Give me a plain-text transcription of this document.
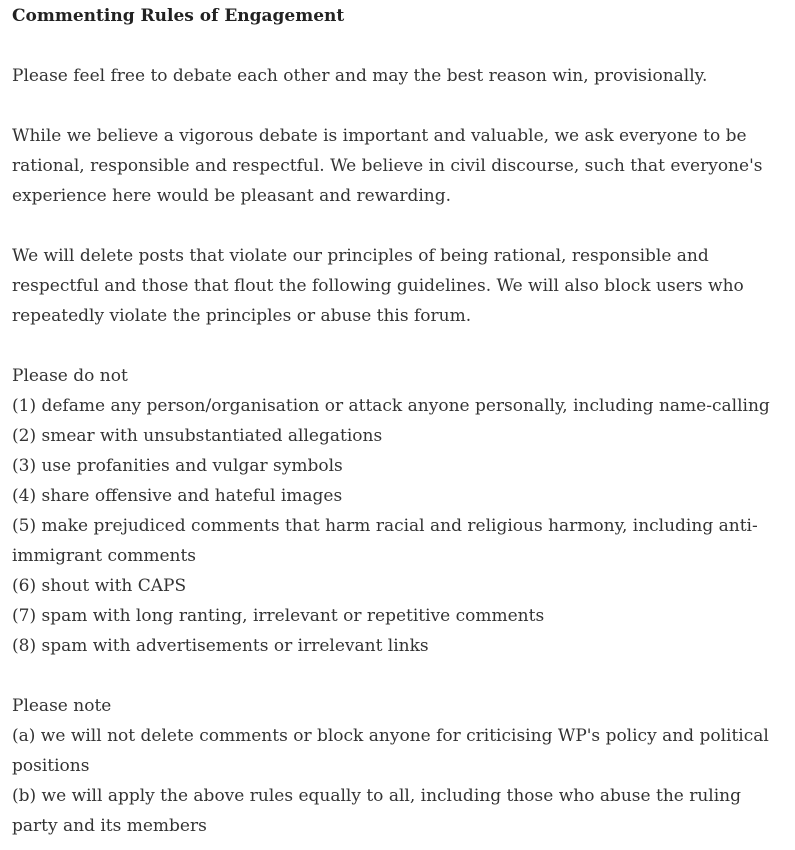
Commenting Rules of Engagement

Please feel free to debate each other and may the best reason win, provisionally.

While we believe a vigorous debate is important and valuable, we ask everyone to be rational, responsible and respectful. We believe in civil discourse, such that everyone's experience here would be pleasant and rewarding.

We will delete posts that violate our principles of being rational, responsible and respectful and those that flout the following guidelines. We will also block users who repeatedly violate the principles or abuse this forum.

Please do not
(1) defame any person/organisation or attack anyone personally, including name-calling
(2) smear with unsubstantiated allegations
(3) use profanities and vulgar symbols
(4) share offensive and hateful images
(5) make prejudiced comments that harm racial and religious harmony, including anti-immigrant comments
(6) shout with CAPS
(7) spam with long ranting, irrelevant or repetitive comments
(8) spam with advertisements or irrelevant links
Please note
(a) we will not delete comments or block anyone for criticising WP's policy and political positions
(b) we will apply the above rules equally to all, including those who abuse the ruling party and its members
